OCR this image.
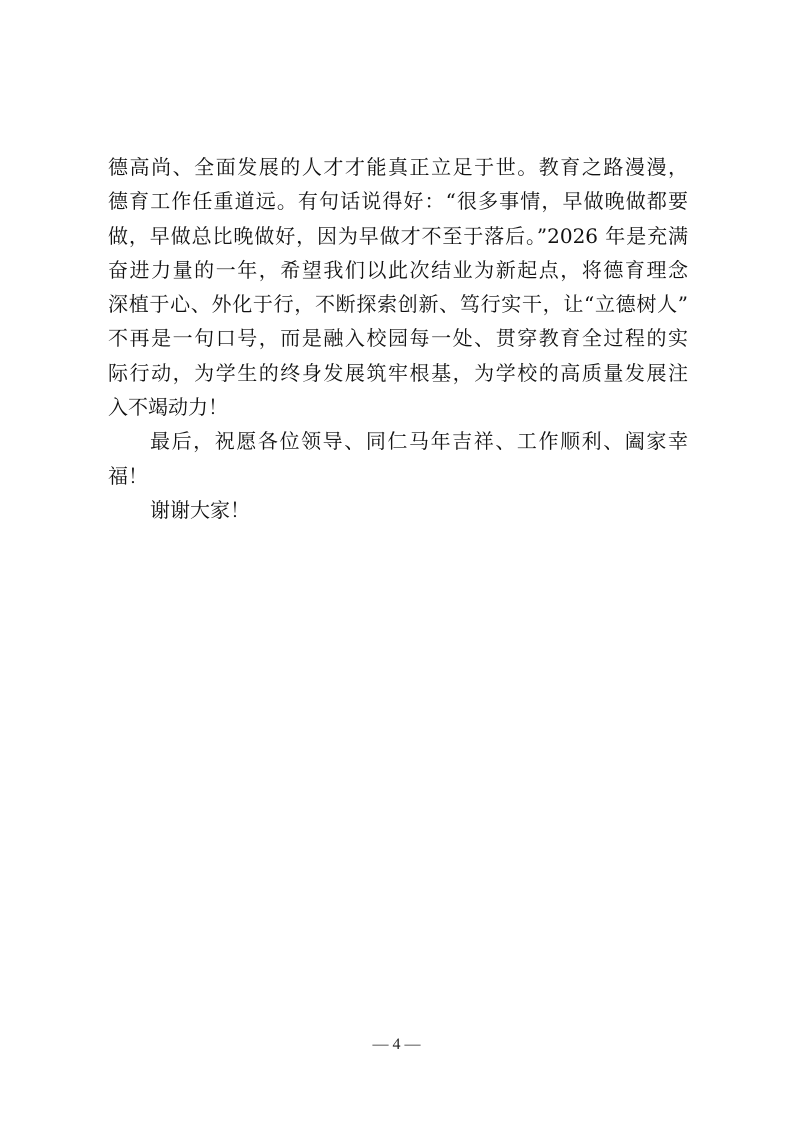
德高尚、全面发展的人才才能真正立足于世。教育之路漫漫，
德育工作任重道远。有句话说得好：“很多事情，早做晚做都要
做，早做总比晚做好，因为早做才不至于落后。”2026 年是充满
奋进力量的一年，希望我们以此次结业为新起点，将德育理念
深植于心、外化于行，不断探索创新、笃行实干，让“立德树人”
不再是一句口号，而是融入校园每一处、贯穿教育全过程的实
际行动，为学生的终身发展筑牢根基，为学校的高质量发展注
入不竭动力！
最后，祝愿各位领导、同仁马年吉祥、工作顺利、阖家幸
福！
谢谢大家！
— 4 —
